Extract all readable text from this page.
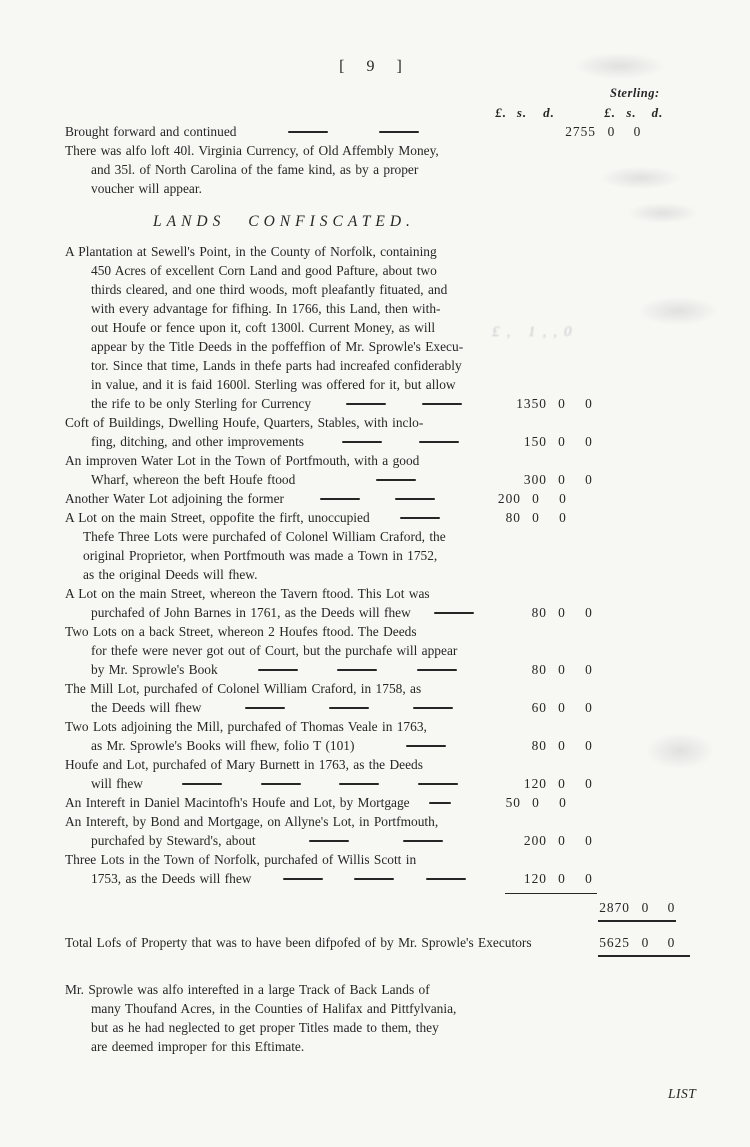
[ 9 ]
Sterling:
£. s.	d.	£. s.	d.
Brought forward and continued	2755 0	0
There was alfo loft 40l. Virginia Currency, of Old Affembly Money,
and 35l. of North Carolina of the fame kind, as by a proper
voucher will appear.
LANDS CONFISCATED.
A Plantation at Sewell's Point, in the County of Norfolk, containing
450 Acres of excellent Corn Land and good Pafture, about two
thirds cleared, and one third woods, moft pleafantly fituated, and
with every advantage for fifhing. In 1766, this Land, then with-
out Houfe or fence upon it, coft 1300l. Current Money, as will
appear by the Title Deeds in the poffeffion of Mr. Sprowle's Execu-
tor. Since that time, Lands in thefe parts had increafed confiderably
in value, and it is faid 1600l. Sterling was offered for it, but allow
the rife to be only Sterling for Currency	1350 0	0
Coft of Buildings, Dwelling Houfe, Quarters, Stables, with inclo-
fing, ditching, and other improvements	150 0	0
An improven Water Lot in the Town of Portfmouth, with a good
Wharf, whereon the beft Houfe ftood	300 0	0
Another Water Lot adjoining the former	200 0	0
A Lot on the main Street, oppofite the firft, unoccupied	80 0	0
Thefe Three Lots were purchafed of Colonel William Craford, the
original Proprietor, when Portfmouth was made a Town in 1752,
as the original Deeds will fhew.
A Lot on the main Street, whereon the Tavern ftood. This Lot was
purchafed of John Barnes in 1761, as the Deeds will fhew	80 0	0
Two Lots on a back Street, whereon 2 Houfes ftood. The Deeds
for thefe were never got out of Court, but the purchafe will appear
by Mr. Sprowle's Book	80 0	0
The Mill Lot, purchafed of Colonel William Craford, in 1758, as
the Deeds will fhew	60 0	0
Two Lots adjoining the Mill, purchafed of Thomas Veale in 1763,
as Mr. Sprowle's Books will fhew, folio T (101)	80 0	0
Houfe and Lot, purchafed of Mary Burnett in 1763, as the Deeds
will fhew	120 0	0
An Intereft in Daniel Macintofh's Houfe and Lot, by Mortgage	50 0	0
An Intereft, by Bond and Mortgage, on Allyne's Lot, in Portfmouth,
purchafed by Steward's, about	200 0	0
Three Lots in the Town of Norfolk, purchafed of Willis Scott in
1753, as the Deeds will fhew	120 0	0
2870 0	0
Total Lofs of Property that was to have been difpofed of by Mr. Sprowle's Executors	5625 0	0
Mr. Sprowle was alfo interefted in a large Track of Back Lands of
many Thoufand Acres, in the Counties of Halifax and Pittfylvania,
but as he had neglected to get proper Titles made to them, they
are deemed improper for this Eftimate.
£, 1,,0
LIST
